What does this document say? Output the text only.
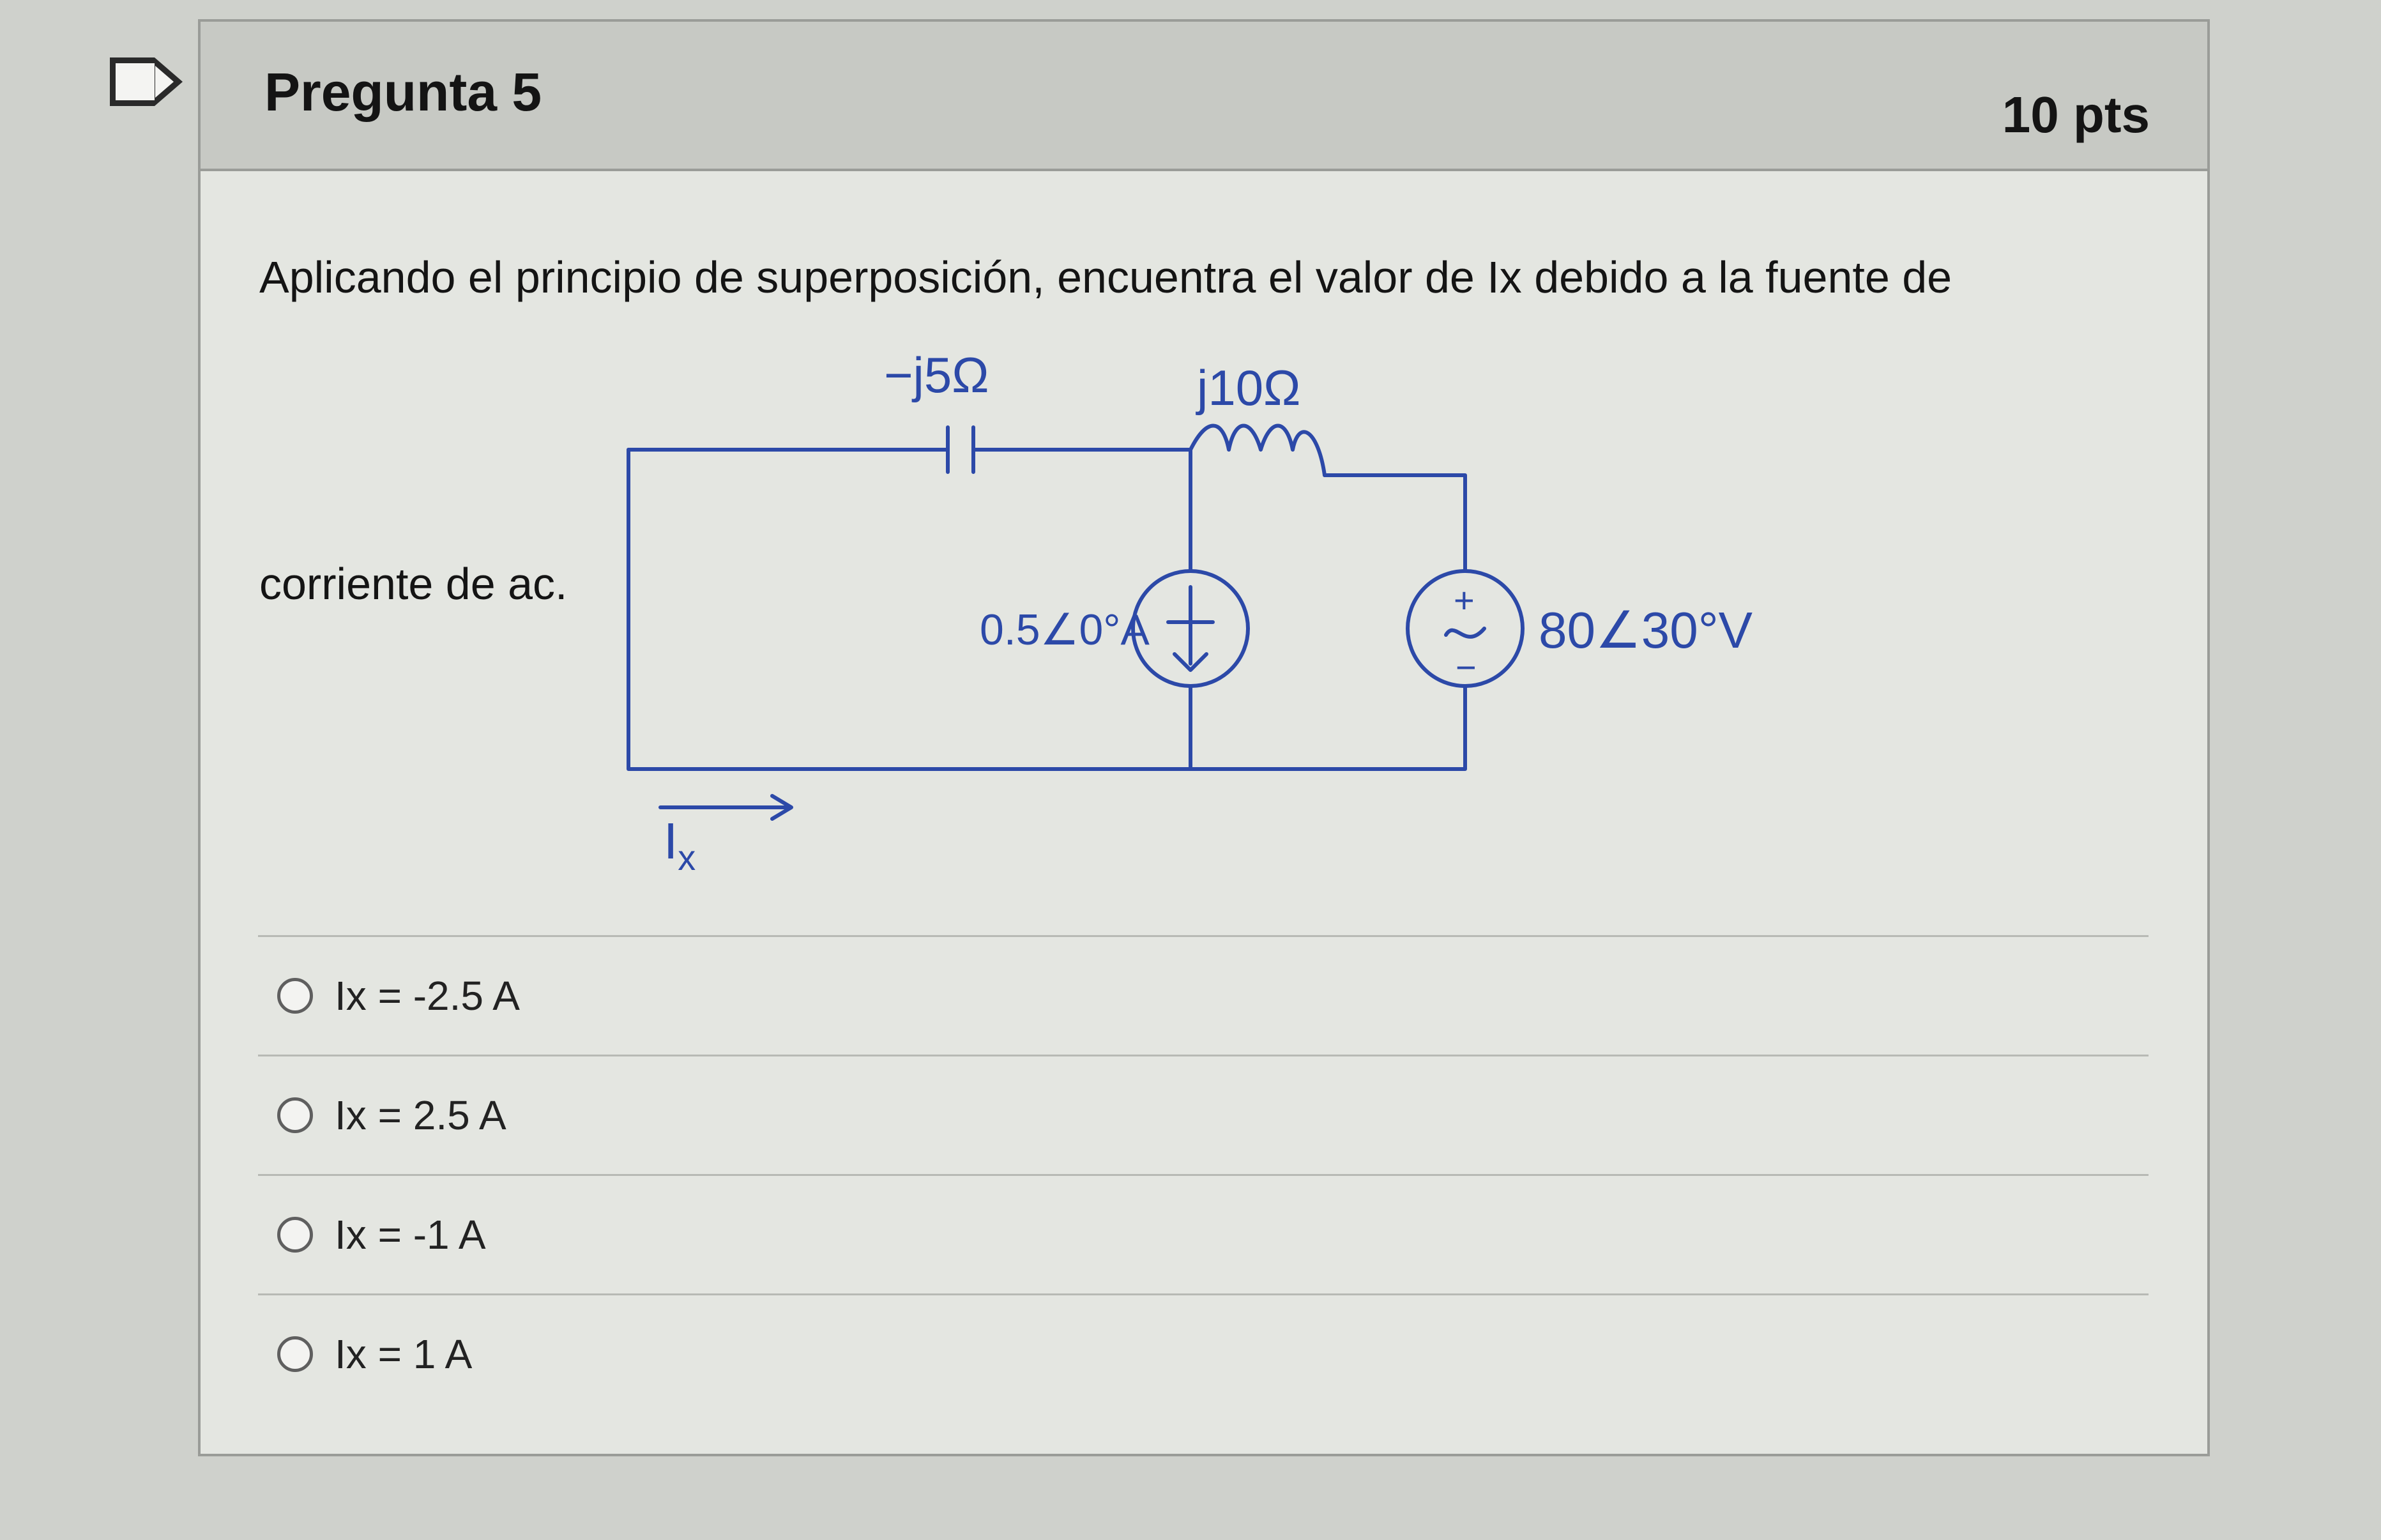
Pregunta 5	10 pts
Aplicando el principio de superposición, encuentra el valor de Ix debido a la fuente de
corriente de ac.
−j5Ω	j10Ω
0.5∠0°A	80∠30°V
+
−
$I_x$
Ix = -2.5 A
Ix = 2.5 A
Ix = -1 A
Ix = 1 A
